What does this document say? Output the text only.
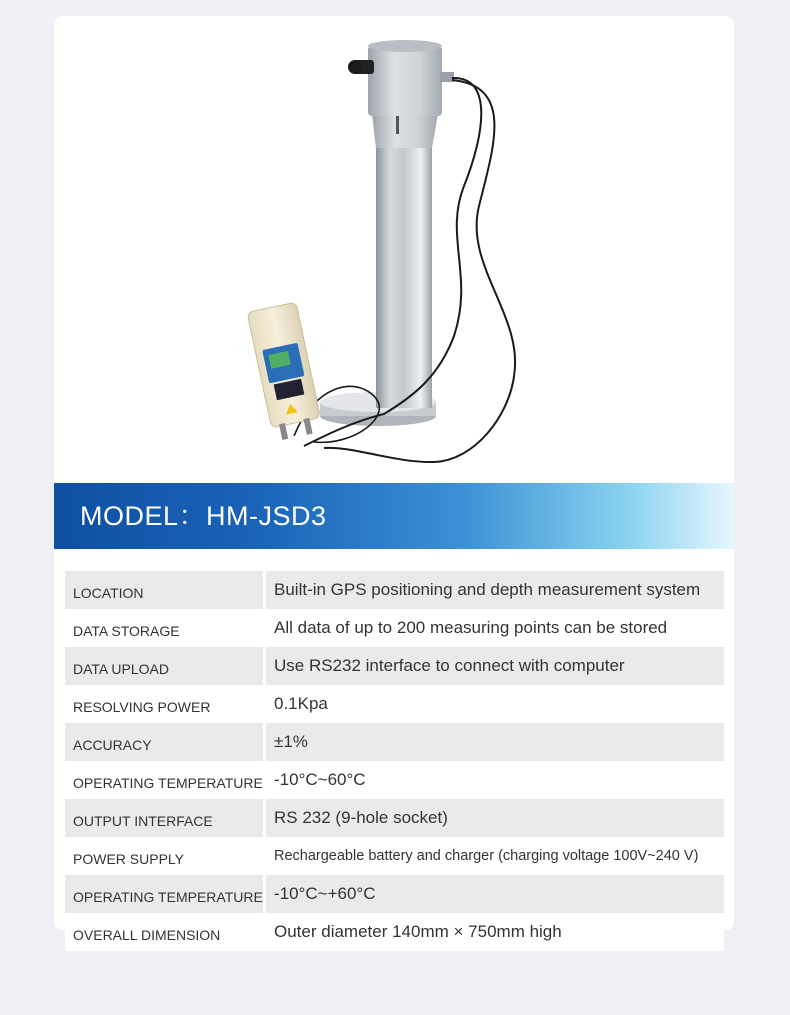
MODEL：HM-JSD3
LOCATION	Built-in GPS positioning and depth measurement system
DATA STORAGE	All data of up to 200 measuring points can be stored
DATA UPLOAD	Use RS232 interface to connect with computer
RESOLVING POWER	0.1Kpa
ACCURACY	±1%
OPERATING TEMPERATURE	-10°C~60°C
OUTPUT INTERFACE	RS 232 (9-hole socket)
POWER SUPPLY	Rechargeable battery and charger (charging voltage 100V~240 V)
OPERATING TEMPERATURE	-10°C~+60°C
OVERALL DIMENSION	Outer diameter 140mm × 750mm high
